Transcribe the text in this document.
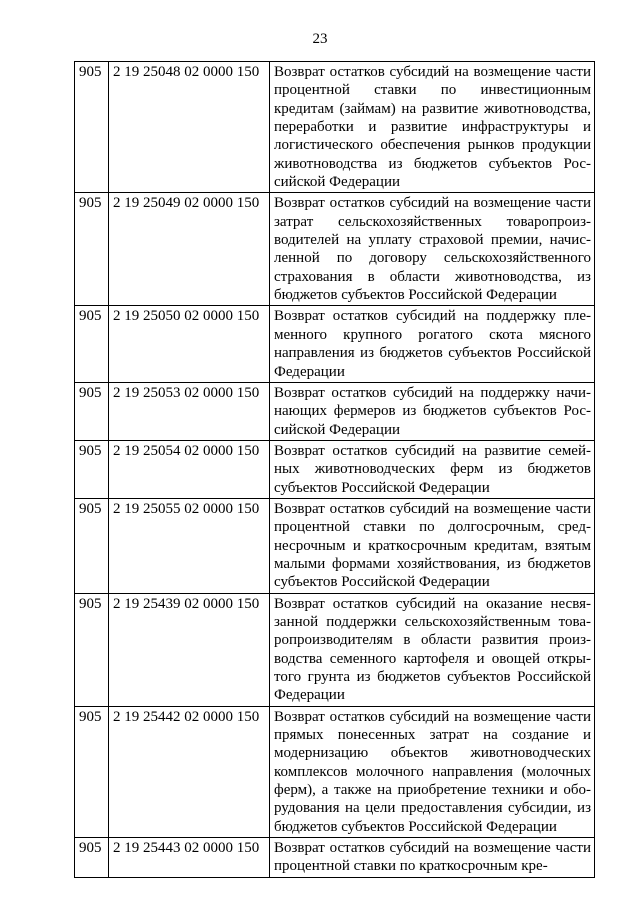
23
905	2 19 25048 02 0000 150	Возврат остатков субсидий на возмещение части процентной ставки по инвестиционным кредитам (займам) на развитие животноводства, переработки и развитие инфраструктуры и логистического обеспечения рынков продукции животноводства из бюджетов субъектов Российской Федерации
905	2 19 25049 02 0000 150	Возврат остатков субсидий на возмещение части затрат сельскохозяйственных товаропроизводителей на уплату страховой премии, начисленной по договору сельскохозяйственного страхования в области животноводства, из бюджетов субъектов Российской Федерации
905	2 19 25050 02 0000 150	Возврат остатков субсидий на поддержку племенного крупного рогатого скота мясного направления из бюджетов субъектов Российской Федерации
905	2 19 25053 02 0000 150	Возврат остатков субсидий на поддержку начинающих фермеров из бюджетов субъектов Российской Федерации
905	2 19 25054 02 0000 150	Возврат остатков субсидий на развитие семейных животноводческих ферм из бюджетов субъектов Российской Федерации
905	2 19 25055 02 0000 150	Возврат остатков субсидий на возмещение части процентной ставки по долгосрочным, среднесрочным и краткосрочным кредитам, взятым малыми формами хозяйствования, из бюджетов субъектов Российской Федерации
905	2 19 25439 02 0000 150	Возврат остатков субсидий на оказание несвязанной поддержки сельскохозяйственным товаропроизводителям в области развития производства семенного картофеля и овощей открытого грунта из бюджетов субъектов Российской Федерации
905	2 19 25442 02 0000 150	Возврат остатков субсидий на возмещение части прямых понесенных затрат на создание и модернизацию объектов животноводческих комплексов молочного направления (молочных ферм), а также на приобретение техники и оборудования на цели предоставления субсидии, из бюджетов субъектов Российской Федерации
905	2 19 25443 02 0000 150	Возврат остатков субсидий на возмещение части процентной ставки по краткосрочным кре-
